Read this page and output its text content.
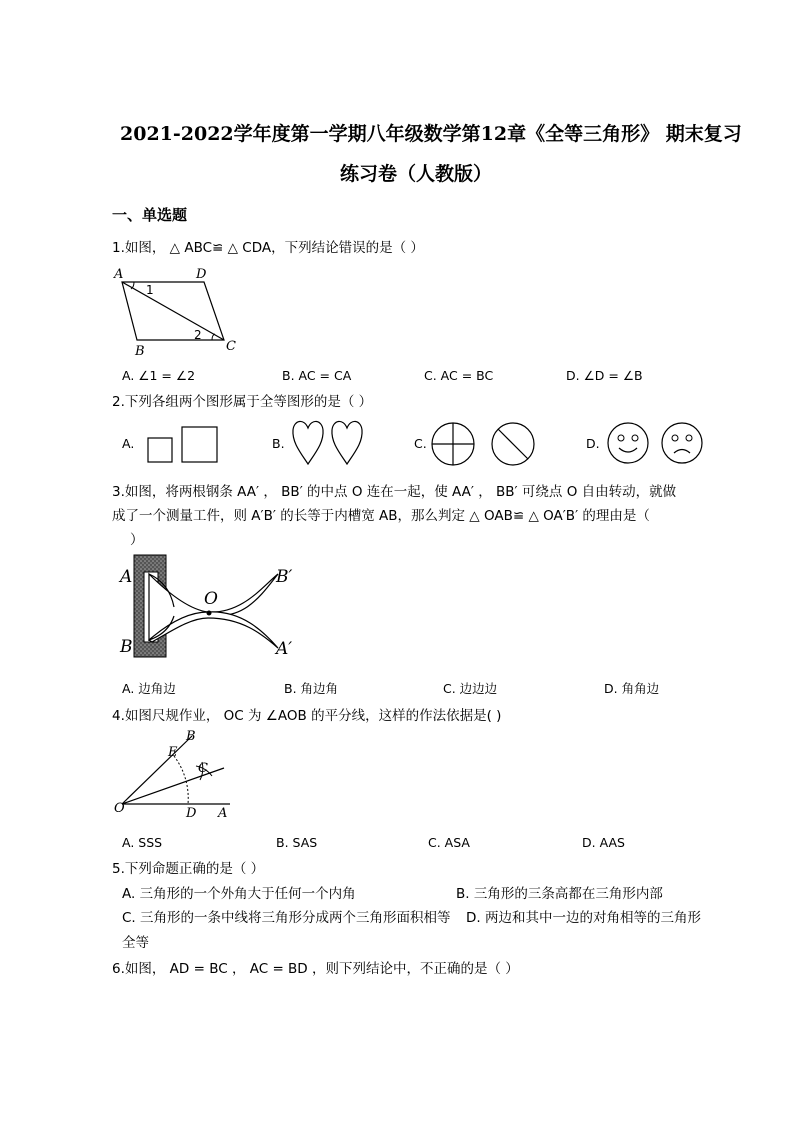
2021-2022学年度第一学期八年级数学第12章《全等三角形》 期末复习
练习卷（人教版）
一、单选题
1.如图， △ ABC≌ △ CDA，下列结论错误的是（ ）
A	D
B	C
1
2
A. ∠1 = ∠2	B. AC = CA	C. AC = BC	D. ∠D = ∠B
2.下列各组两个图形属于全等图形的是（ ）
A.	B.	C.	D.
3.如图，将两根钢条 AA′ ， BB′ 的中点 O 连在一起，使 AA′ ， BB′ 可绕点 O 自由转动，就做
成了一个测量工件，则 A′B′ 的长等于内槽宽 AB，那么判定 △ OAB≌ △ OA′B′ 的理由是（
）
A
B
O
B′
A′
A. 边角边	B. 角边角	C. 边边边	D. 角角边
4.如图尺规作业， OC 为 ∠AOB 的平分线，这样的作法依据是( )
O	A
B
E
C
D
A. SSS	B. SAS	C. ASA	D. AAS
5.下列命题正确的是（ ）
A. 三角形的一个外角大于任何一个内角	B. 三角形的三条高都在三角形内部
C. 三角形的一条中线将三角形分成两个三角形面积相等 D. 两边和其中一边的对角相等的三角形
全等
6.如图， AD = BC ， AC = BD ，则下列结论中，不正确的是（ ）
